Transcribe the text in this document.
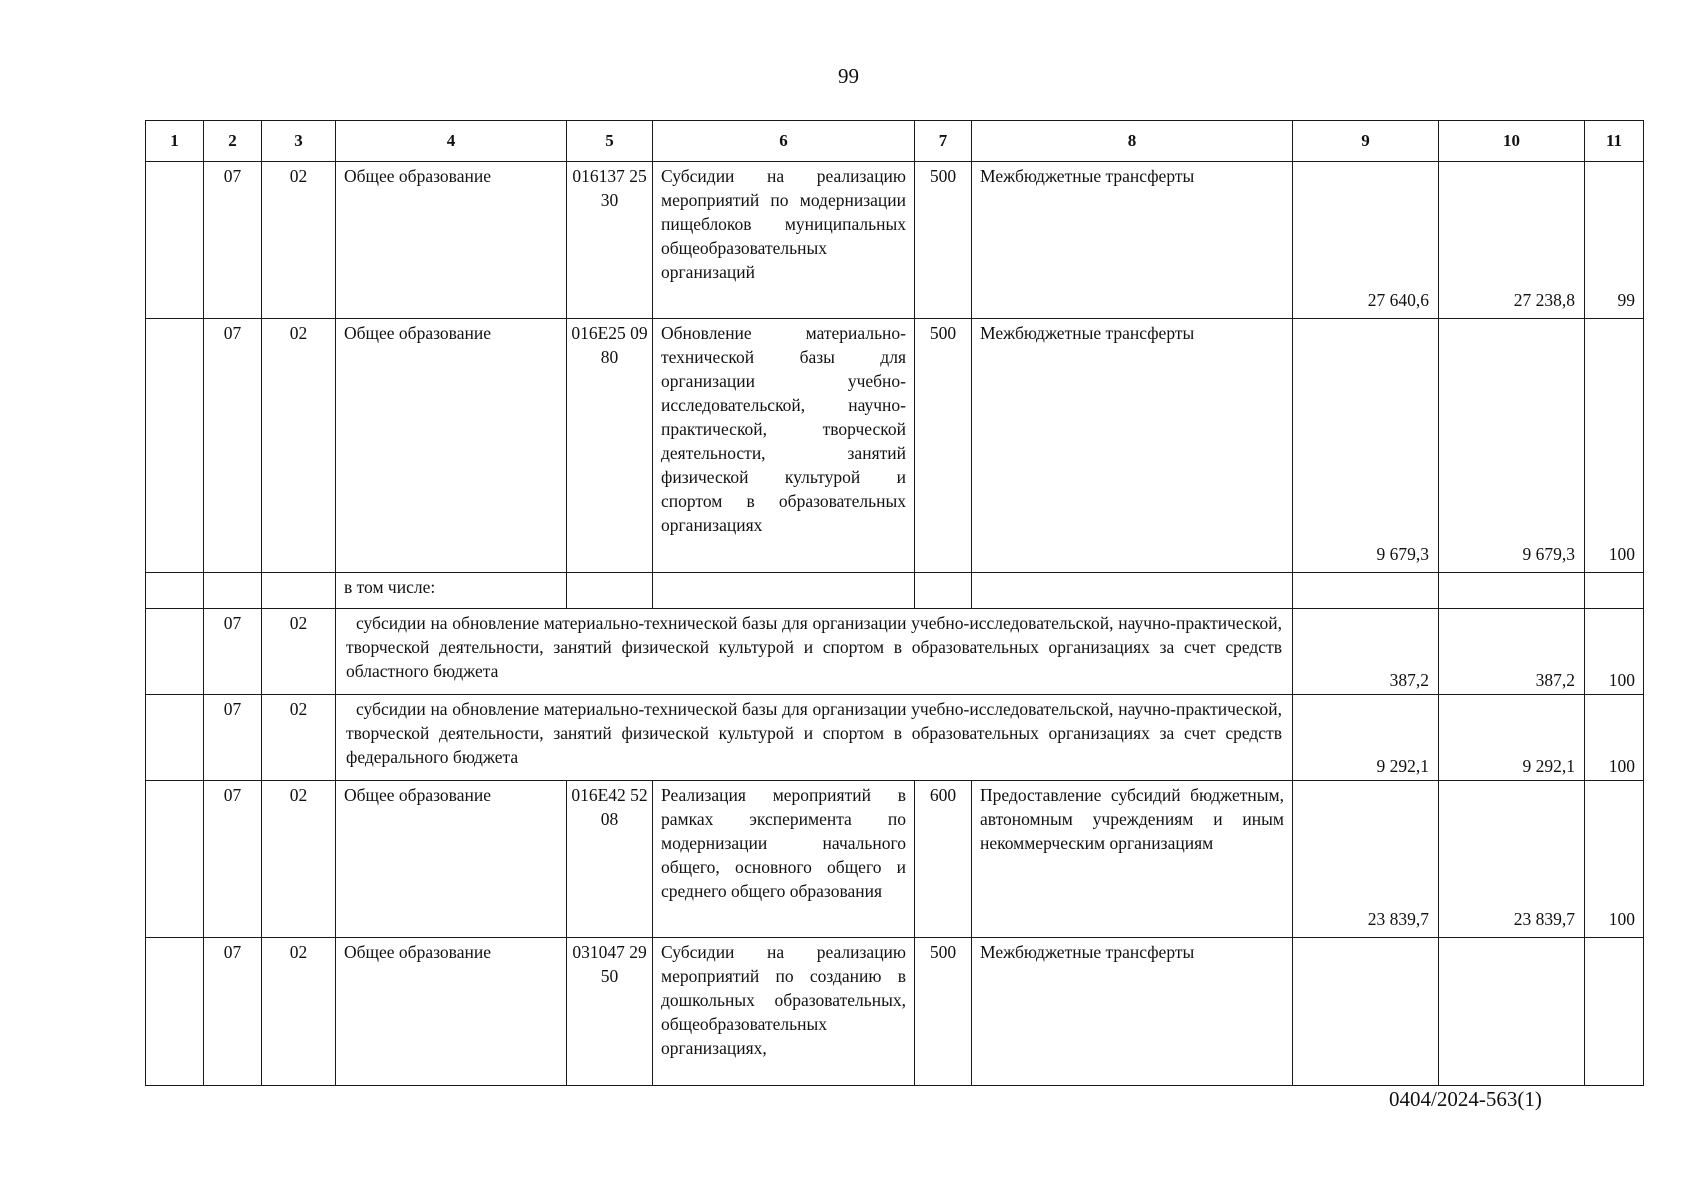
99
1	2	3	4	5	6	7	8	9	10	11
	07	02	Общее образование	016137 2530	Субсидии на реализацию мероприятий по модернизации пищеблоков муниципальных общеобразовательных организаций	500	Межбюджетные трансферты	27 640,6	27 238,8	99
	07	02	Общее образование	016Е25 0980	Обновление материально-технической базы для организации учебно-исследовательской, научно-практической, творческой деятельности, занятий физической культурой и спортом в образовательных организациях	500	Межбюджетные трансферты	9 679,3	9 679,3	100
			в том числе:							
	07	02	субсидии на обновление материально-технической базы для организации учебно-исследовательской, научно-практической, творческой деятельности, занятий физической культурой и спортом в образовательных организациях за счет средств областного бюджета					387,2	387,2	100
	07	02	субсидии на обновление материально-технической базы для организации учебно-исследовательской, научно-практической, творческой деятельности, занятий физической культурой и спортом в образовательных организациях за счет средств федерального бюджета					9 292,1	9 292,1	100
	07	02	Общее образование	016Е42 5208	Реализация мероприятий в рамках эксперимента по модернизации начального общего, основного общего и среднего общего образования	600	Предоставление субсидий бюджетным, автономным учреждениям и иным некоммерческим организациям	23 839,7	23 839,7	100
	07	02	Общее образование	031047 2950	Субсидии на реализацию мероприятий по созданию в дошкольных образовательных, общеобразовательных организациях,	500	Межбюджетные трансферты			
0404/2024-563(1)
